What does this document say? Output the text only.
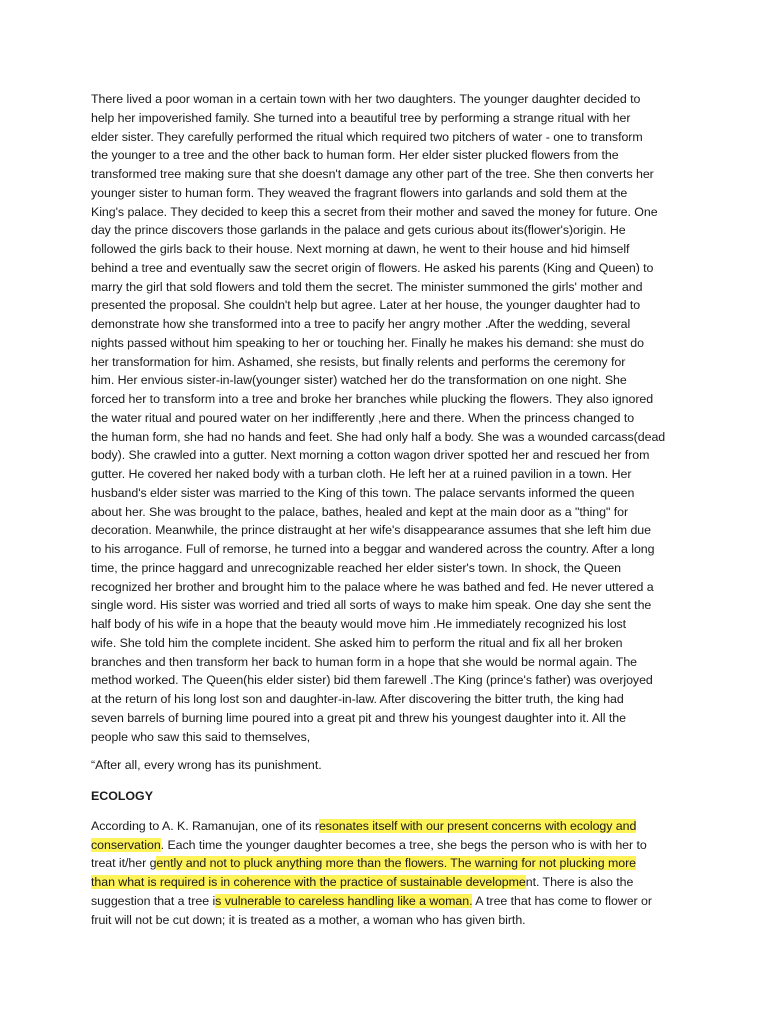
There lived a poor woman in a certain town with her two daughters. The younger daughter decided to
help her impoverished family. She turned into a beautiful tree by performing a strange ritual with her
elder sister. They carefully performed the ritual which required two pitchers of water - one to transform
the younger to a tree and the other back to human form. Her elder sister plucked flowers from the
transformed tree making sure that she doesn't damage any other part of the tree. She then converts her
younger sister to human form. They weaved the fragrant flowers into garlands and sold them at the
King's palace. They decided to keep this a secret from their mother and saved the money for future. One
day the prince discovers those garlands in the palace and gets curious about its(flower's)origin. He
followed the girls back to their house. Next morning at dawn, he went to their house and hid himself
behind a tree and eventually saw the secret origin of flowers. He asked his parents (King and Queen) to
marry the girl that sold flowers and told them the secret. The minister summoned the girls' mother and
presented the proposal. She couldn't help but agree. Later at her house, the younger daughter had to
demonstrate how she transformed into a tree to pacify her angry mother .After the wedding, several
nights passed without him speaking to her or touching her. Finally he makes his demand: she must do
her transformation for him. Ashamed, she resists, but finally relents and performs the ceremony for
him. Her envious sister-in-law(younger sister) watched her do the transformation on one night. She
forced her to transform into a tree and broke her branches while plucking the flowers. They also ignored
the water ritual and poured water on her indifferently ,here and there. When the princess changed to
the human form, she had no hands and feet. She had only half a body. She was a wounded carcass(dead
body). She crawled into a gutter. Next morning a cotton wagon driver spotted her and rescued her from
gutter. He covered her naked body with a turban cloth. He left her at a ruined pavilion in a town. Her
husband's elder sister was married to the King of this town. The palace servants informed the queen
about her. She was brought to the palace, bathes, healed and kept at the main door as a "thing" for
decoration. Meanwhile, the prince distraught at her wife's disappearance assumes that she left him due
to his arrogance. Full of remorse, he turned into a beggar and wandered across the country. After a long
time, the prince haggard and unrecognizable reached her elder sister's town. In shock, the Queen
recognized her brother and brought him to the palace where he was bathed and fed. He never uttered a
single word. His sister was worried and tried all sorts of ways to make him speak. One day she sent the
half body of his wife in a hope that the beauty would move him .He immediately recognized his lost
wife. She told him the complete incident. She asked him to perform the ritual and fix all her broken
branches and then transform her back to human form in a hope that she would be normal again. The
method worked. The Queen(his elder sister) bid them farewell .The King (prince's father) was overjoyed
at the return of his long lost son and daughter-in-law. After discovering the bitter truth, the king had
seven barrels of burning lime poured into a great pit and threw his youngest daughter into it. All the
people who saw this said to themselves,

“After all, every wrong has its punishment.

ECOLOGY

According to A. K. Ramanujan, one of its resonates itself with our present concerns with ecology and
conservation. Each time the younger daughter becomes a tree, she begs the person who is with her to
treat it/her gently and not to pluck anything more than the flowers. The warning for not plucking more
than what is required is in coherence with the practice of sustainable development. There is also the
suggestion that a tree is vulnerable to careless handling like a woman. A tree that has come to flower or
fruit will not be cut down; it is treated as a mother, a woman who has given birth.
